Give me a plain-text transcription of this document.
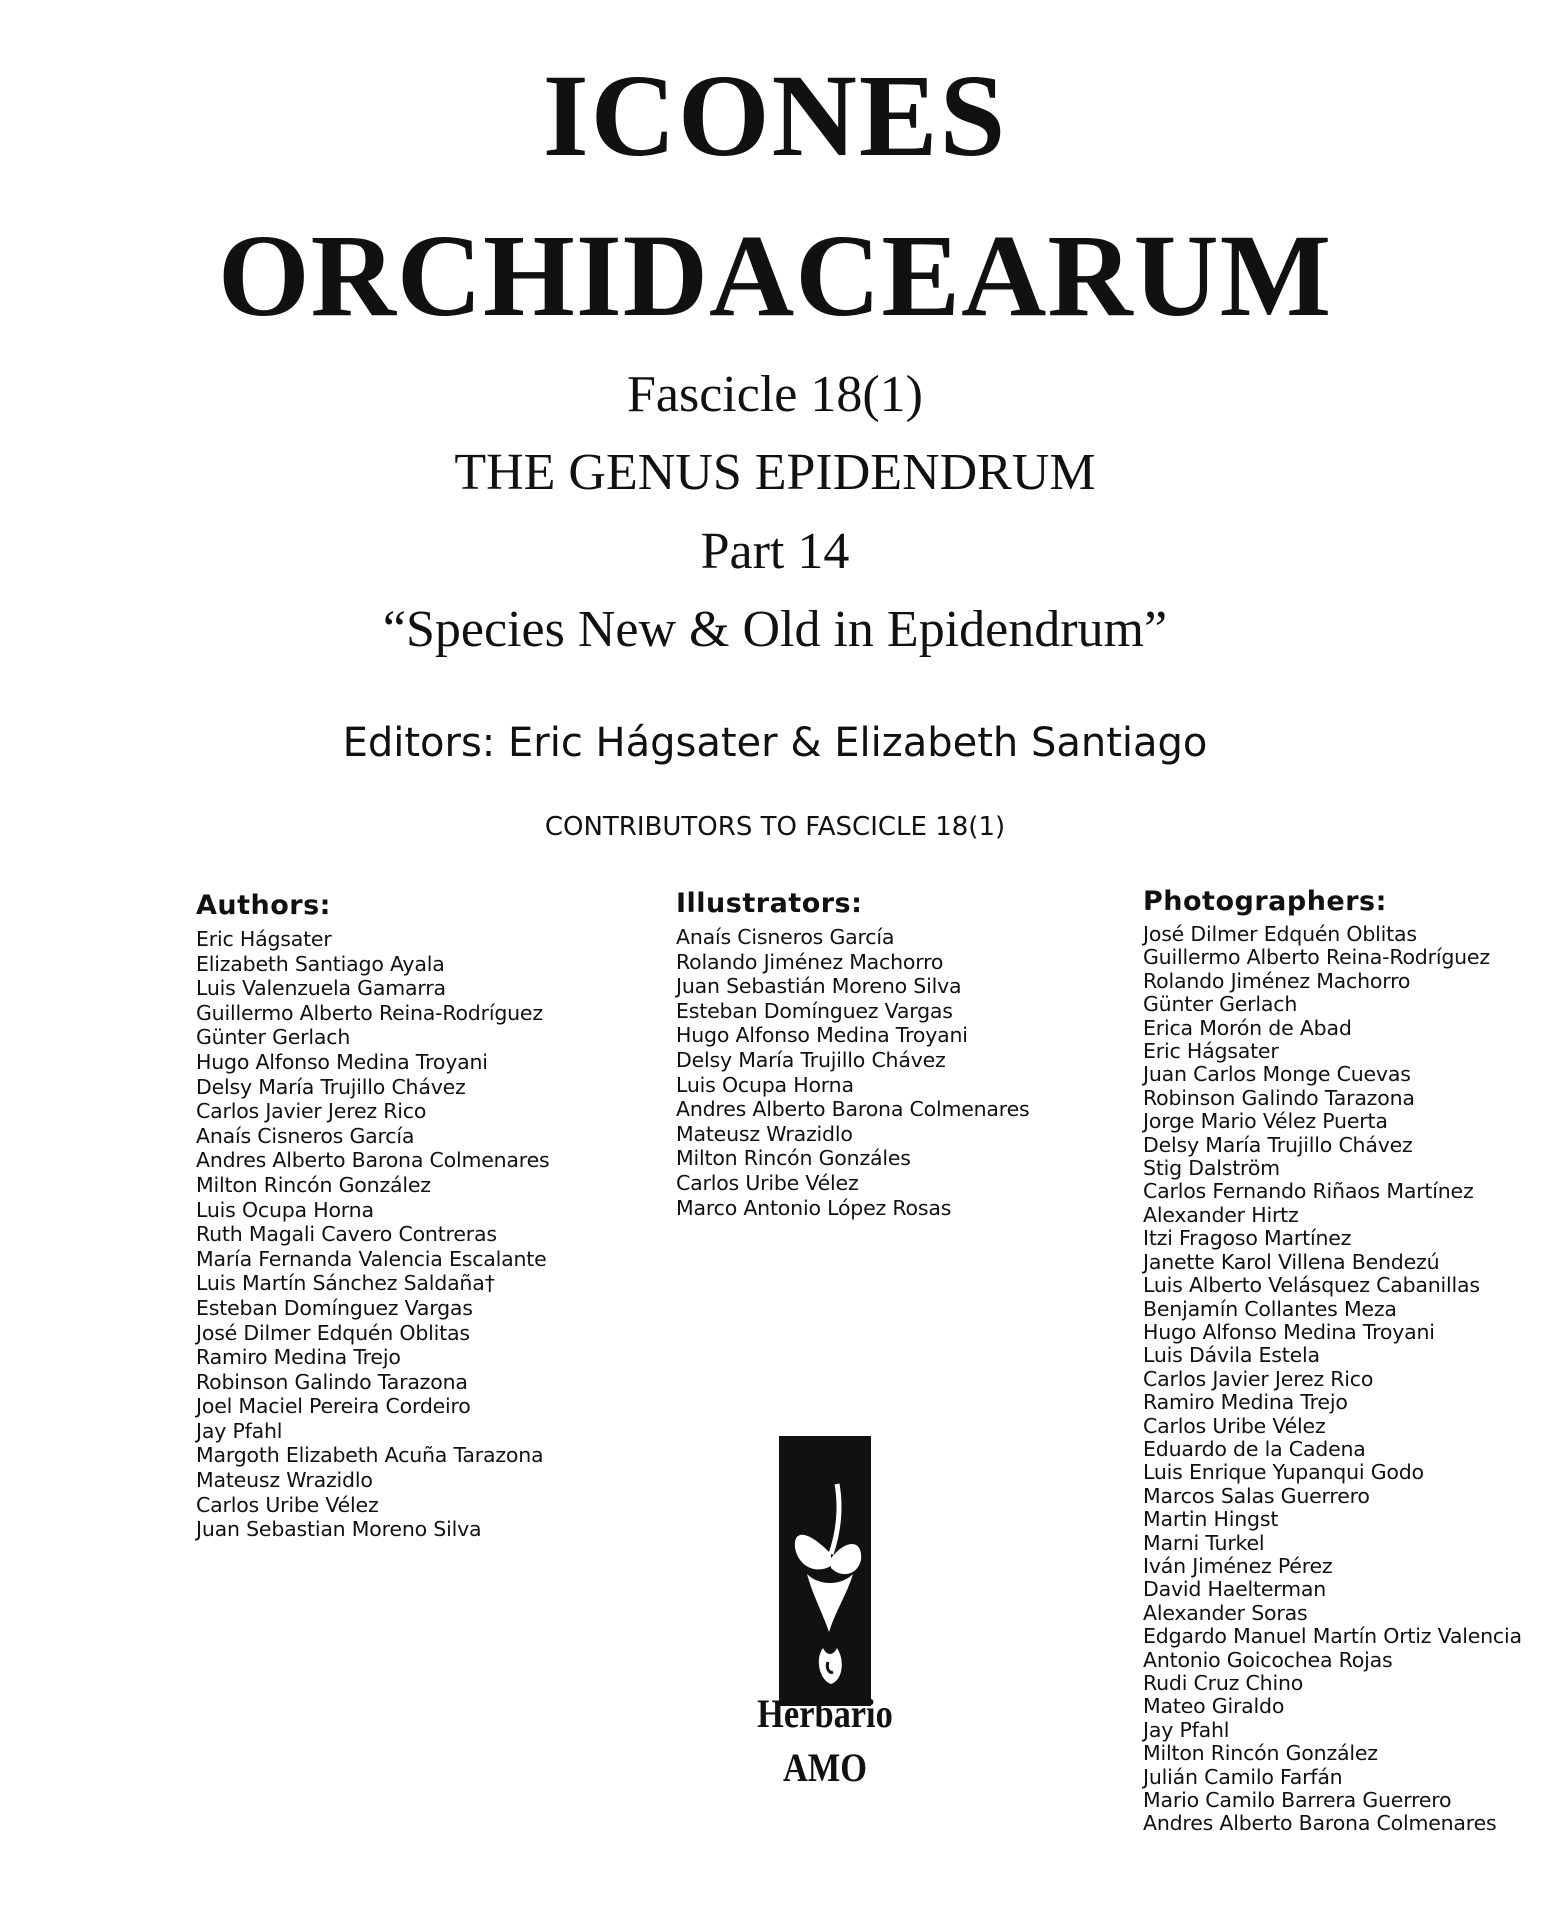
ICONES
ORCHIDACEARUM
Fascicle 18(1)
THE GENUS EPIDENDRUM
Part 14
“Species New & Old in Epidendrum”

Editors: Eric Hágsater & Elizabeth Santiago

CONTRIBUTORS TO FASCICLE 18(1)

Authors:
Eric Hágsater
Elizabeth Santiago Ayala
Luis Valenzuela Gamarra
Guillermo Alberto Reina-Rodríguez
Günter Gerlach
Hugo Alfonso Medina Troyani
Delsy María Trujillo Chávez
Carlos Javier Jerez Rico
Anaís Cisneros García
Andres Alberto Barona Colmenares
Milton Rincón González
Luis Ocupa Horna
Ruth Magali Cavero Contreras
María Fernanda Valencia Escalante
Luis Martín Sánchez Saldaña†
Esteban Domínguez Vargas
José Dilmer Edquén Oblitas
Ramiro Medina Trejo
Robinson Galindo Tarazona
Joel Maciel Pereira Cordeiro
Jay Pfahl
Margoth Elizabeth Acuña Tarazona
Mateusz Wrazidlo
Carlos Uribe Vélez
Juan Sebastian Moreno Silva
Illustrators:
Anaís Cisneros García
Rolando Jiménez Machorro
Juan Sebastián Moreno Silva
Esteban Domínguez Vargas
Hugo Alfonso Medina Troyani
Delsy María Trujillo Chávez
Luis Ocupa Horna
Andres Alberto Barona Colmenares
Mateusz Wrazidlo
Milton Rincón Gonzáles
Carlos Uribe Vélez
Marco Antonio López Rosas
Photographers:
José Dilmer Edquén Oblitas
Guillermo Alberto Reina-Rodríguez
Rolando Jiménez Machorro
Günter Gerlach
Erica Morón de Abad
Eric Hágsater
Juan Carlos Monge Cuevas
Robinson Galindo Tarazona
Jorge Mario Vélez Puerta
Delsy María Trujillo Chávez
Stig Dalström
Carlos Fernando Riñaos Martínez
Alexander Hirtz
Itzi Fragoso Martínez
Janette Karol Villena Bendezú
Luis Alberto Velásquez Cabanillas
Benjamín Collantes Meza
Hugo Alfonso Medina Troyani
Luis Dávila Estela
Carlos Javier Jerez Rico
Ramiro Medina Trejo
Carlos Uribe Vélez
Eduardo de la Cadena
Luis Enrique Yupanqui Godo
Marcos Salas Guerrero
Martin Hingst
Marni Turkel
Iván Jiménez Pérez
David Haelterman
Alexander Soras
Edgardo Manuel Martín Ortiz Valencia
Antonio Goicochea Rojas
Rudi Cruz Chino
Mateo Giraldo
Jay Pfahl
Milton Rincón González
Julián Camilo Farfán
Mario Camilo Barrera Guerrero
Andres Alberto Barona Colmenares

Herbario

AMO
